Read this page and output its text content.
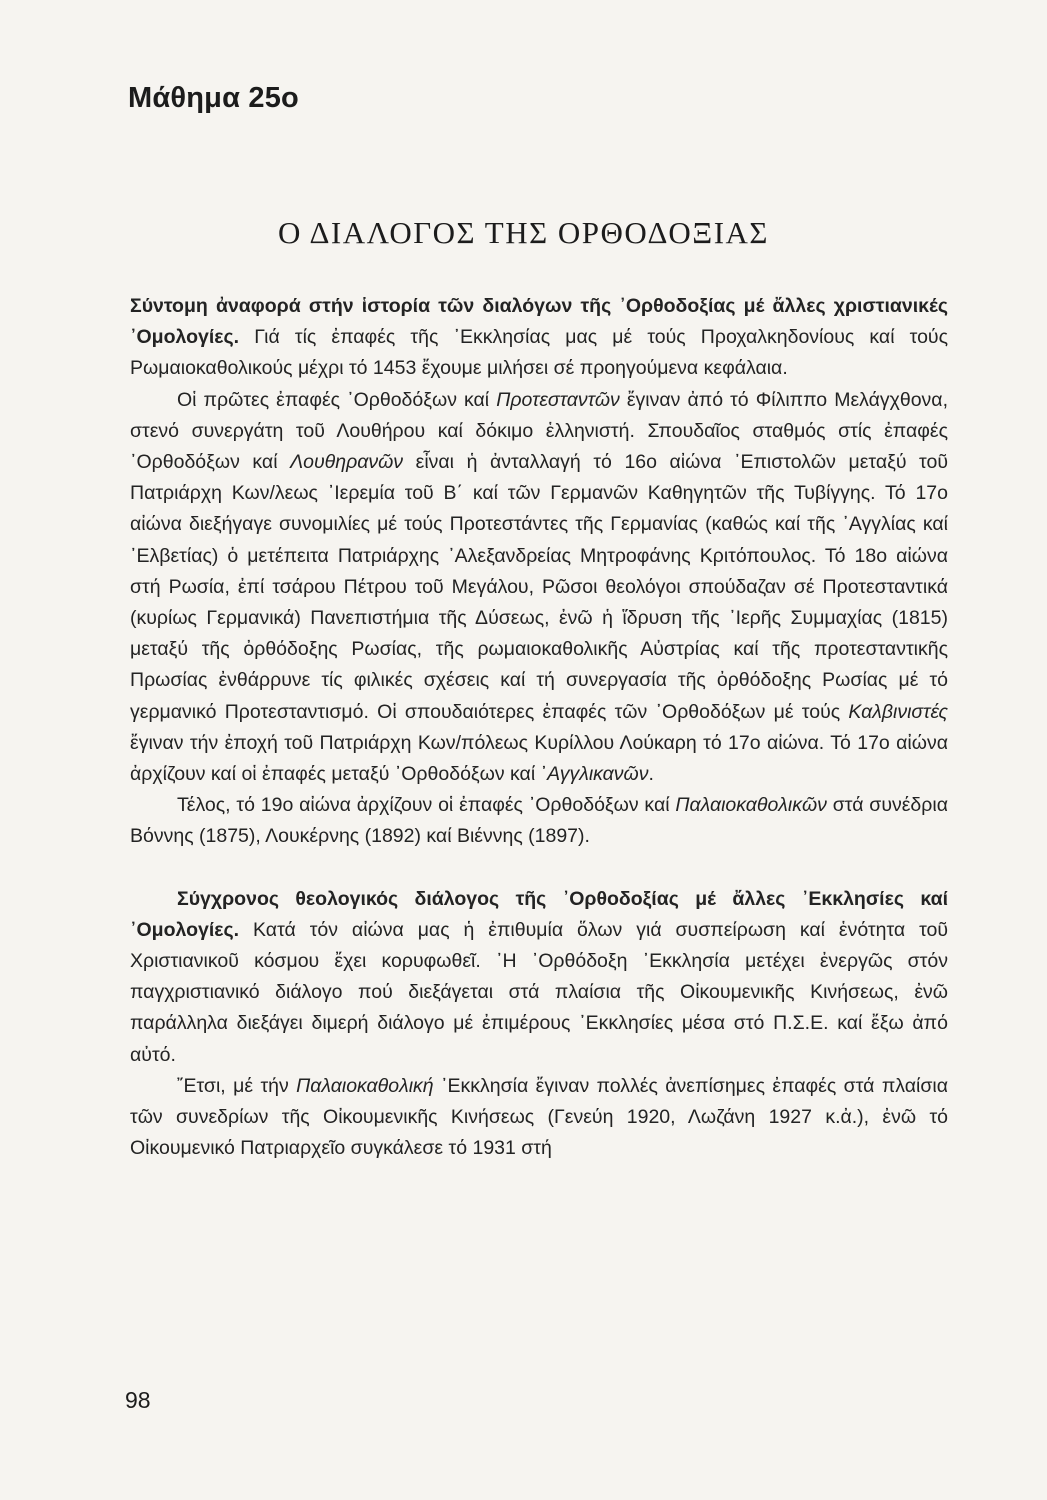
Μάθημα 25ο
Ο ΔΙΑΛΟΓΟΣ ΤΗΣ ΟΡΘΟΔΟΞΙΑΣ

Σύντομη ἀναφορά στήν ἱστορία τῶν διαλόγων τῆς ᾽Ορθοδοξίας μέ ἄλλες χριστιανικές ᾽Ομολογίες. Γιά τίς ἐπαφές τῆς ᾽Εκκλησίας μας μέ τούς Προχαλκηδονίους καί τούς Ρωμαιοκαθολικούς μέχρι τό 1453 ἔχουμε μιλήσει σέ προηγούμενα κεφάλαια.

Οἱ πρῶτες ἐπαφές ᾽Ορθοδόξων καί Προτεσταντῶν ἔγιναν ἀπό τό Φίλιππο Μελάγχθονα, στενό συνεργάτη τοῦ Λουθήρου καί δόκιμο ἑλληνιστή. Σπουδαῖος σταθμός στίς ἐπαφές ᾽Ορθοδόξων καί Λουθηρανῶν εἶναι ἡ ἀνταλλαγή τό 16ο αἰώνα ᾽Επιστολῶν μεταξύ τοῦ Πατριάρχη Κων/λεως ᾽Ιερεμία τοῦ Β΄ καί τῶν Γερμανῶν Καθηγητῶν τῆς Τυβίγγης. Τό 17ο αἰώνα διεξήγαγε συνομιλίες μέ τούς Προτεστάντες τῆς Γερμανίας (καθώς καί τῆς ᾽Αγγλίας καί ᾽Ελβετίας) ὁ μετέπειτα Πατριάρχης ᾽Αλεξανδρείας Μητροφάνης Κριτόπουλος. Τό 18ο αἰώνα στή Ρωσία, ἐπί τσάρου Πέτρου τοῦ Μεγάλου, Ρῶσοι θεολόγοι σπούδαζαν σέ Προτεσταντικά (κυρίως Γερμανικά) Πανεπιστήμια τῆς Δύσεως, ἐνῶ ἡ ἵδρυση τῆς ᾽Ιερῆς Συμμαχίας (1815) μεταξύ τῆς ὀρθόδοξης Ρωσίας, τῆς ρωμαιοκαθολικῆς Αὐστρίας καί τῆς προτεσταντικῆς Πρωσίας ἐνθάρρυνε τίς φιλικές σχέσεις καί τή συνεργασία τῆς ὀρθόδοξης Ρωσίας μέ τό γερμανικό Προτεσταντισμό. Οἱ σπουδαιότερες ἐπαφές τῶν ᾽Ορθοδόξων μέ τούς Καλβινιστές ἔγιναν τήν ἐποχή τοῦ Πατριάρχη Κων/πόλεως Κυρίλλου Λούκαρη τό 17ο αἰώνα. Τό 17ο αἰώνα ἀρχίζουν καί οἱ ἐπαφές μεταξύ ᾽Ορθοδόξων καί ᾽Αγγλικανῶν.

Τέλος, τό 19ο αἰώνα ἀρχίζουν οἱ ἐπαφές ᾽Ορθοδόξων καί Παλαιοκαθολικῶν στά συνέδρια Βόννης (1875), Λουκέρνης (1892) καί Βιέννης (1897).

Σύγχρονος θεολογικός διάλογος τῆς ᾽Ορθοδοξίας μέ ἄλλες ᾽Εκκλησίες καί ᾽Ομολογίες. Κατά τόν αἰώνα μας ἡ ἐπιθυμία ὅλων γιά συσπείρωση καί ἑνότητα τοῦ Χριστιανικοῦ κόσμου ἔχει κορυφωθεῖ. ᾽Η ᾽Ορθόδοξη ᾽Εκκλησία μετέχει ἐνεργῶς στόν παγχριστιανικό διάλογο πού διεξάγεται στά πλαίσια τῆς Οἰκουμενικῆς Κινήσεως, ἐνῶ παράλληλα διεξάγει διμερή διάλογο μέ ἐπιμέρους ᾽Εκκλησίες μέσα στό Π.Σ.Ε. καί ἔξω ἀπό αὐτό.

῎Ετσι, μέ τήν Παλαιοκαθολική ᾽Εκκλησία ἔγιναν πολλές ἀνεπίσημες ἐπαφές στά πλαίσια τῶν συνεδρίων τῆς Οἰκουμενικῆς Κινήσεως (Γενεύη 1920, Λωζάνη 1927 κ.ἀ.), ἐνῶ τό Οἰκουμενικό Πατριαρχεῖο συγκάλεσε τό 1931 στή

98
